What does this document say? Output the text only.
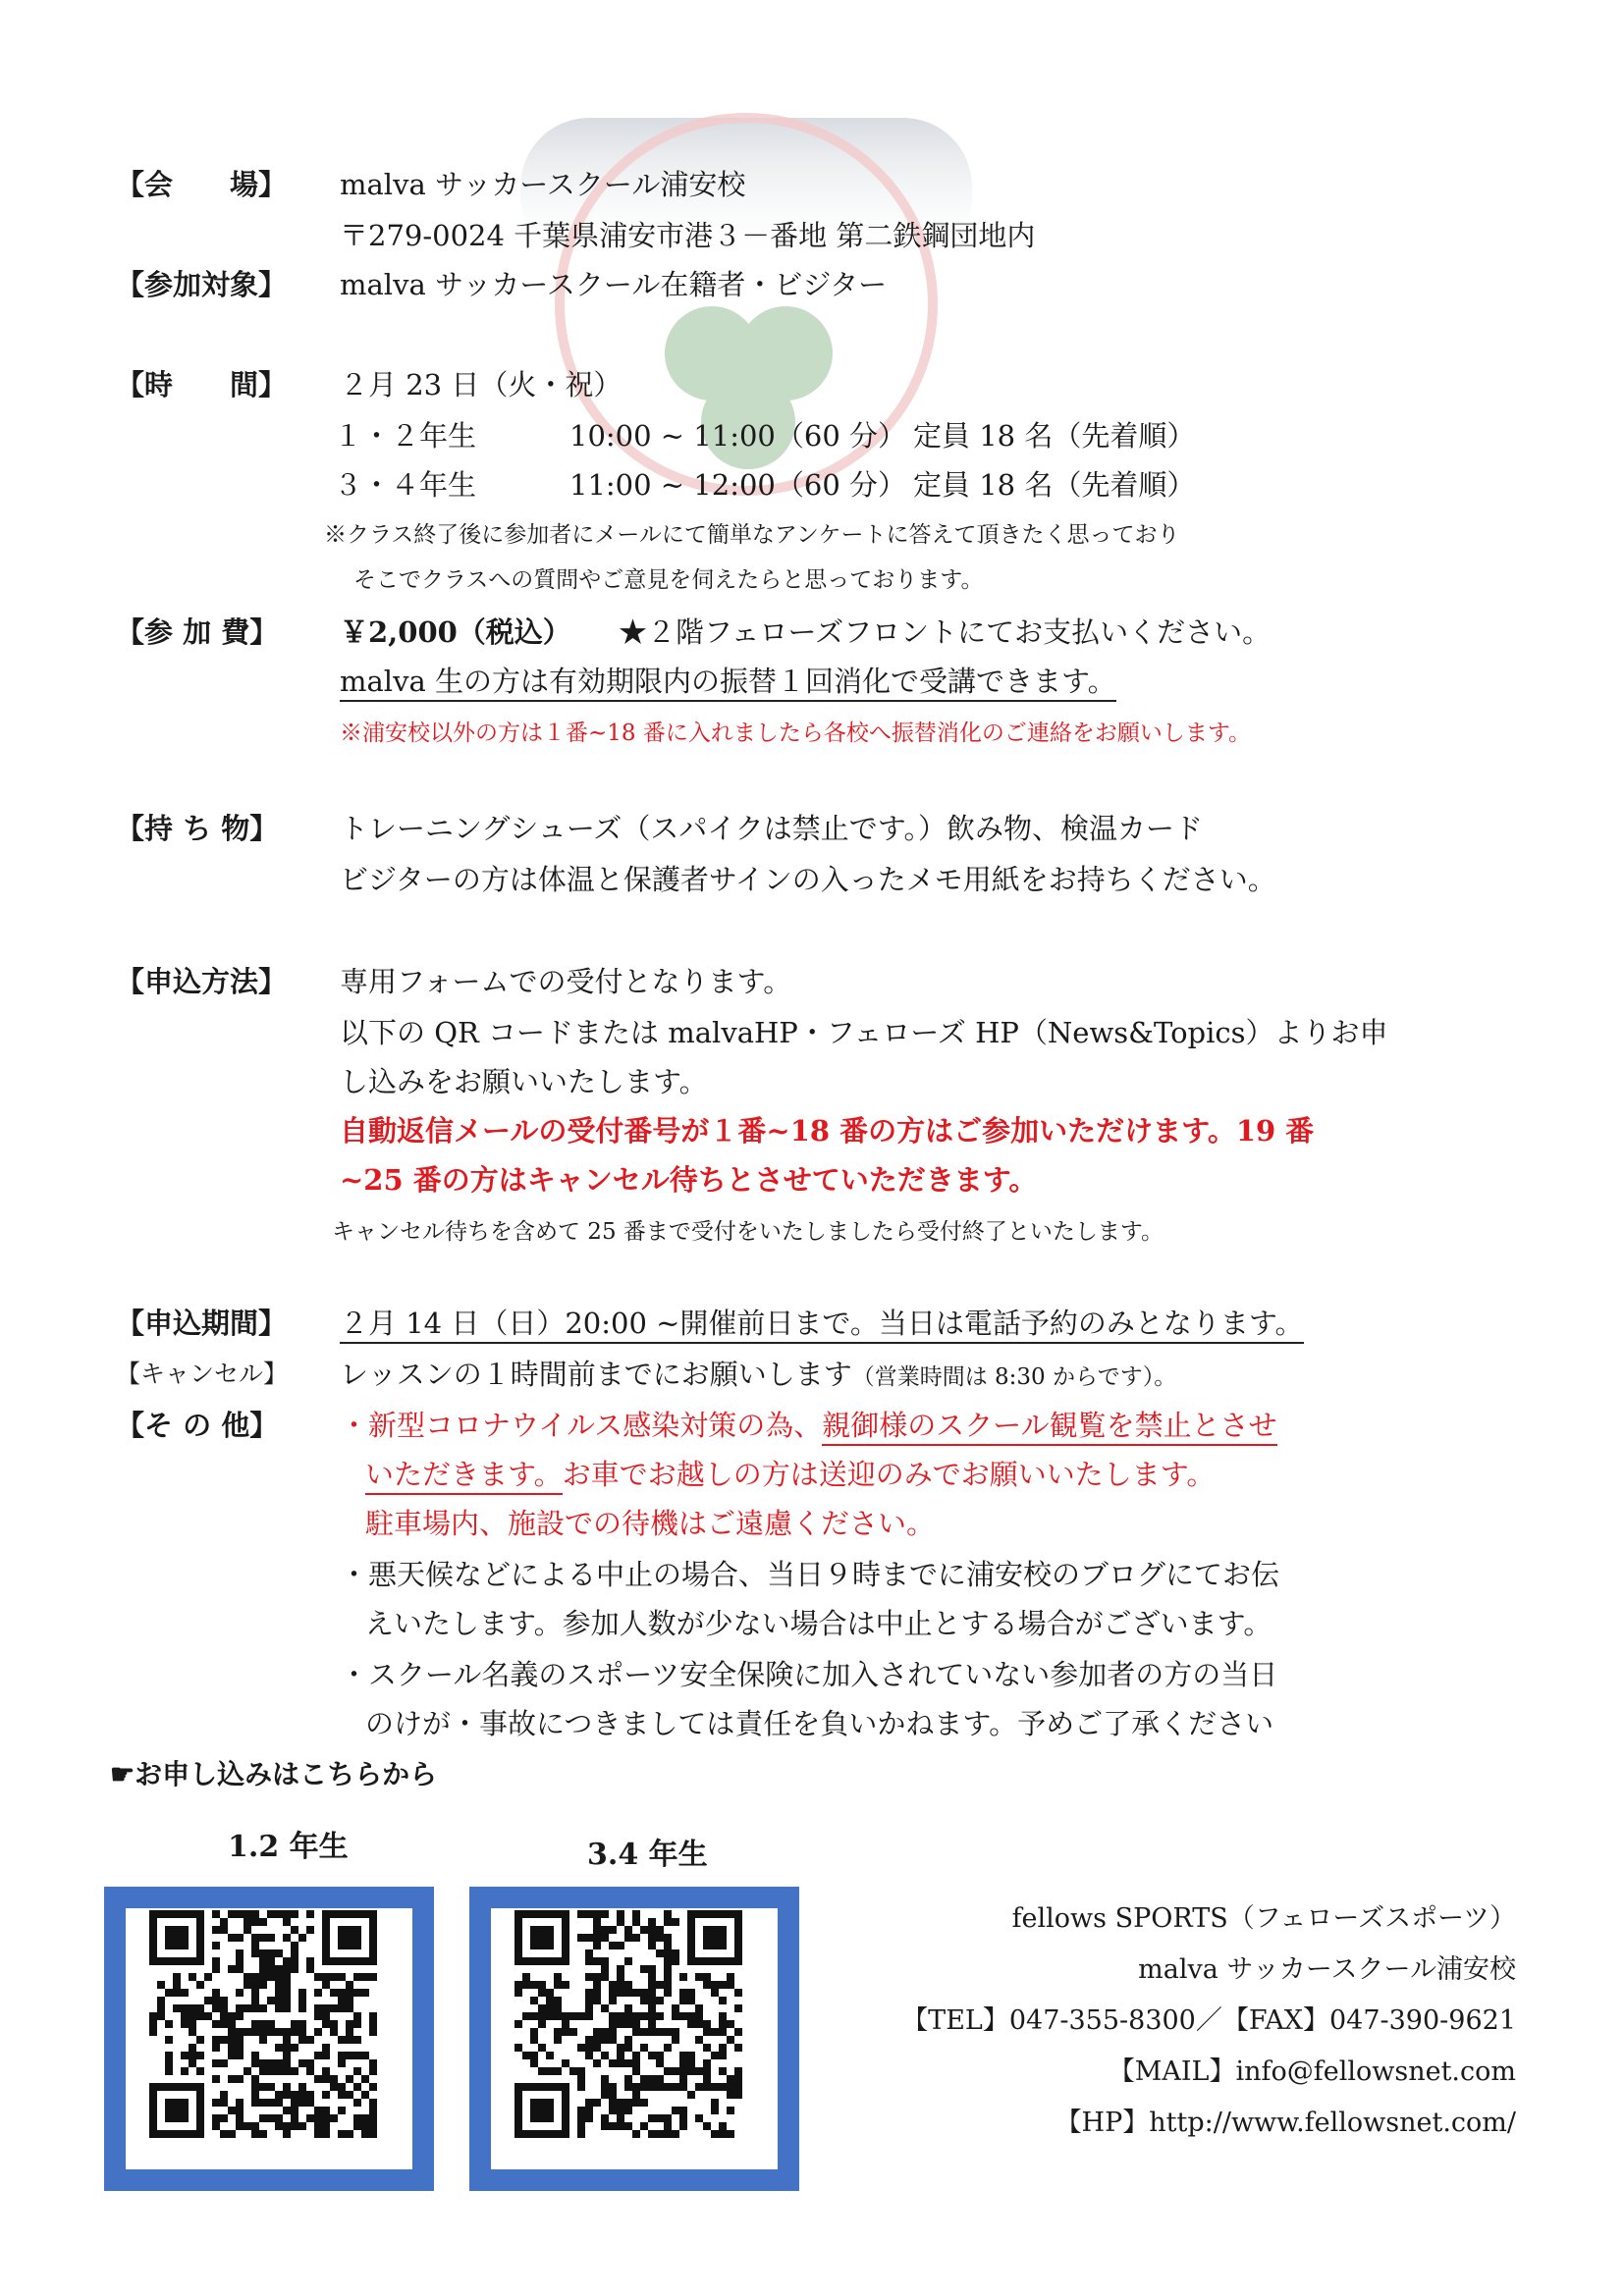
【会　　場】 malva サッカースクール浦安校
〒279-0024 千葉県浦安市港３－番地 第二鉄鋼団地内
【参加対象】 malva サッカースクール在籍者・ビジター
【時　　間】 ２月 23 日（火・祝）
１・２年生	10:00 ~ 11:00（60 分） 定員 18 名（先着順）
３・４年生	11:00 ~ 12:00（60 分） 定員 18 名（先着順）
※クラス終了後に参加者にメールにて簡単なアンケートに答えて頂きたく思っており
そこでクラスへの質問やご意見を伺えたらと思っております。
【参 加 費】 ￥2,000（税込） ★２階フェローズフロントにてお支払いください。
malva 生の方は有効期限内の振替１回消化で受講できます。
※浦安校以外の方は１番~18 番に入れましたら各校へ振替消化のご連絡をお願いします。
【持 ち 物】 トレーニングシューズ（スパイクは禁止です。）飲み物、検温カード
ビジターの方は体温と保護者サインの入ったメモ用紙をお持ちください。
【申込方法】 専用フォームでの受付となります。
以下の QR コードまたは malvaHP・フェローズ HP（News&Topics）よりお申
し込みをお願いいたします。
自動返信メールの受付番号が１番~18 番の方はご参加いただけます。19 番
~25 番の方はキャンセル待ちとさせていただきます。
キャンセル待ちを含めて 25 番まで受付をいたしましたら受付終了といたします。
【申込期間】 ２月 14 日（日）20:00 ~開催前日まで。当日は電話予約のみとなります。
【キャンセル】 レッスンの１時間前までにお願いします（営業時間は 8:30 からです）。
【そ の 他】 ・新型コロナウイルス感染対策の為、親御様のスクール観覧を禁止とさせ
いただきます。お車でお越しの方は送迎のみでお願いいたします。
駐車場内、施設での待機はご遠慮ください。
・悪天候などによる中止の場合、当日９時までに浦安校のブログにてお伝
えいたします。参加人数が少ない場合は中止とする場合がございます。
・スクール名義のスポーツ安全保険に加入されていない参加者の方の当日
のけが・事故につきましては責任を負いかねます。予めご了承ください
☛お申し込みはこちらから
1.2 年生	3.4 年生
fellows SPORTS（フェローズスポーツ）
malva サッカースクール浦安校
【TEL】047-355-8300／【FAX】047-390-9621
【MAIL】info@fellowsnet.com
【HP】http://www.fellowsnet.com/
